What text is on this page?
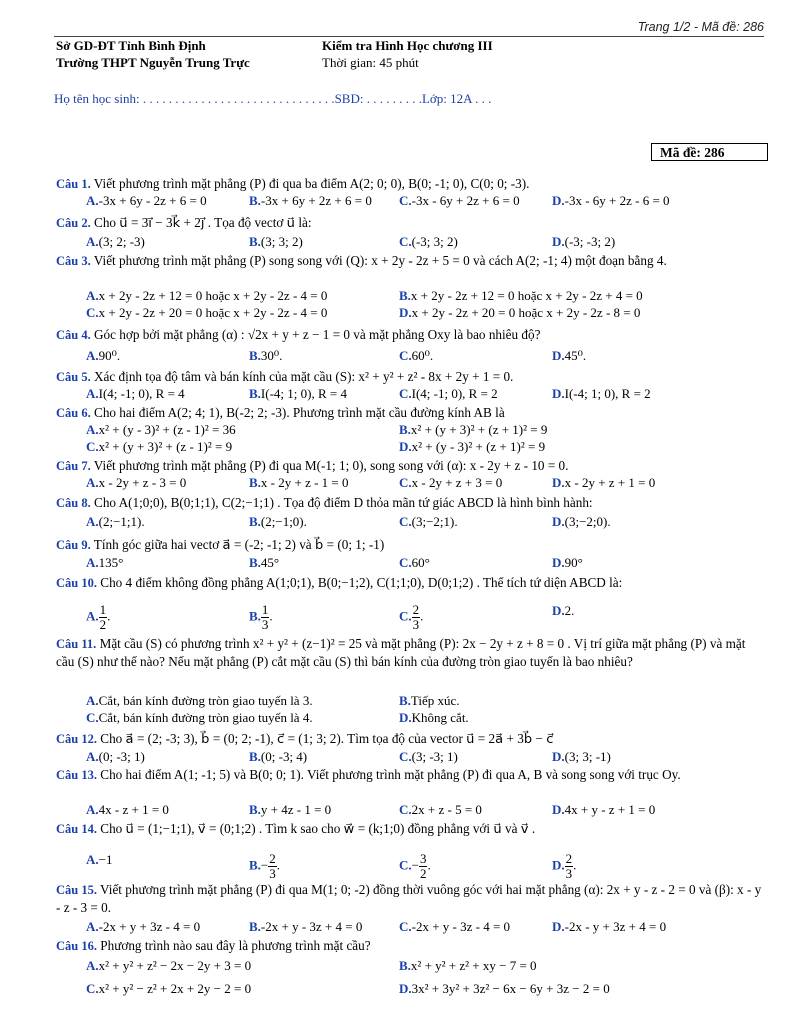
Trang 1/2 - Mã đề: 286
Sở GD-ĐT Tỉnh Bình Định
Trường THPT Nguyễn Trung Trực
Kiểm tra Hình Học chương III
Thời gian: 45 phút
Họ tên học sinh: . . . . . . . . . . . . . . . . . . . . . . . . . . . . . .SBD: . . . . . . . . .Lớp: 12A . . .
Mã đề: 286
Câu 1. Viết phương trình mặt phẳng (P) đi qua ba điểm A(2; 0; 0), B(0; -1; 0), C(0; 0; -3).
A.-3x + 6y - 2z + 6 = 0	B.-3x + 6y + 2z + 6 = 0 C.-3x - 6y + 2z + 6 = 0 D.-3x - 6y + 2z - 6 = 0
Câu 2. Cho u⃗ = 3i⃗ − 3k⃗ + 2j⃗ . Tọa độ vectơ u⃗ là:
A.(3; 2; -3)	B.(3; 3; 2)	C.(-3; 3; 2)	D.(-3; -3; 2)
Câu 3. Viết phương trình mặt phẳng (P) song song với (Q): x + 2y - 2z + 5 = 0 và cách A(2; -1; 4) một đoạn bằng 4.
A.x + 2y - 2z + 12 = 0 hoặc x + 2y - 2z - 4 = 0	B.x + 2y - 2z + 12 = 0 hoặc x + 2y - 2z + 4 = 0
C.x + 2y - 2z + 20 = 0 hoặc x + 2y - 2z - 4 = 0	D.x + 2y - 2z + 20 = 0 hoặc x + 2y - 2z - 8 = 0
Câu 4. Góc hợp bởi mặt phẳng (α) : √2x + y + z − 1 = 0 và mặt phẳng Oxy là bao nhiêu độ?
A.90⁰.	B.30⁰.	C.60⁰.	D.45⁰.
Câu 5. Xác định tọa độ tâm và bán kính của mặt cầu (S): x² + y² + z² - 8x + 2y + 1 = 0.
A.I(4; -1; 0), R = 4	B.I(-4; 1; 0), R = 4	C.I(4; -1; 0), R = 2	D.I(-4; 1; 0), R = 2
Câu 6. Cho hai điểm A(2; 4; 1), B(-2; 2; -3). Phương trình mặt cầu đường kính AB là
A.x² + (y - 3)² + (z - 1)² = 36	B.x² + (y + 3)² + (z + 1)² = 9
C.x² + (y + 3)² + (z - 1)² = 9	D.x² + (y - 3)² + (z + 1)² = 9
Câu 7. Viết phương trình mặt phẳng (P) đi qua M(-1; 1; 0), song song với (α): x - 2y + z - 10 = 0.
A.x - 2y + z - 3 = 0	B.x - 2y + z - 1 = 0	C.x - 2y + z + 3 = 0	D.x - 2y + z + 1 = 0
Câu 8. Cho A(1;0;0), B(0;1;1), C(2;−1;1) . Tọa độ điểm D thỏa mãn tứ giác ABCD là hình bình hành:
A.(2;−1;1).	B.(2;−1;0).	C.(3;−2;1).	D.(3;−2;0).
Câu 9. Tính góc giữa hai vectơ a⃗ = (-2; -1; 2) và b⃗ = (0; 1; -1)
A.135°	B.45°	C.60°	D.90°
Câu 10. Cho 4 điểm không đồng phẳng A(1;0;1), B(0;−1;2), C(1;1;0), D(0;1;2) . Thể tích tứ diện ABCD là:
A. $\frac{1}{2}$ .	B. $\frac{1}{3}$ .	C. $\frac{2}{3}$ .	D.2.
Câu 11. Mặt cầu (S) có phương trình x² + y² + (z−1)² = 25 và mặt phẳng (P): 2x − 2y + z + 8 = 0 . Vị trí giữa mặt phẳng (P) và mặt cầu (S) như thế nào? Nếu mặt phẳng (P) cắt mặt cầu (S) thì bán kính của đường tròn giao tuyến là bao nhiêu?
A.Cắt, bán kính đường tròn giao tuyến là 3.	B.Tiếp xúc.
C.Cắt, bán kính đường tròn giao tuyến là 4.	D.Không cắt.
Câu 12. Cho a⃗ = (2; -3; 3), b⃗ = (0; 2; -1), c⃗ = (1; 3; 2). Tìm tọa độ của vector u⃗ = 2a⃗ + 3b⃗ − c⃗
A.(0; -3; 1)	B.(0; -3; 4)	C.(3; -3; 1)	D.(3; 3; -1)
Câu 13. Cho hai điểm A(1; -1; 5) và B(0; 0; 1). Viết phương trình mặt phẳng (P) đi qua A, B và song song với trục Oy.
A.4x - z + 1 = 0	B.y + 4z - 1 = 0	C.2x + z - 5 = 0	D.4x + y - z + 1 = 0
Câu 14. Cho u⃗ = (1;−1;1), v⃗ = (0;1;2) . Tìm k sao cho w⃗ = (k;1;0) đồng phẳng với u⃗ và v⃗ .
A.−1	$B.- \frac{2}{3}$ .	$C.- \frac{3}{2}$ .	D. $\frac{2}{3}$ .
Câu 15. Viết phương trình mặt phẳng (P) đi qua M(1; 0; -2) đồng thời vuông góc với hai mặt phẳng (α): 2x + y - z - 2 = 0 và (β): x - y - z - 3 = 0.
A.-2x + y + 3z - 4 = 0	B.-2x + y - 3z + 4 = 0	C.-2x + y - 3z - 4 = 0	D.-2x - y + 3z + 4 = 0
Câu 16. Phương trình nào sau đây là phương trình mặt cầu?
A.x² + y² + z² − 2x − 2y + 3 = 0	B.x² + y² + z² + xy − 7 = 0
C.x² + y² − z² + 2x + 2y − 2 = 0	D.3x² + 3y² + 3z² − 6x − 6y + 3z − 2 = 0
